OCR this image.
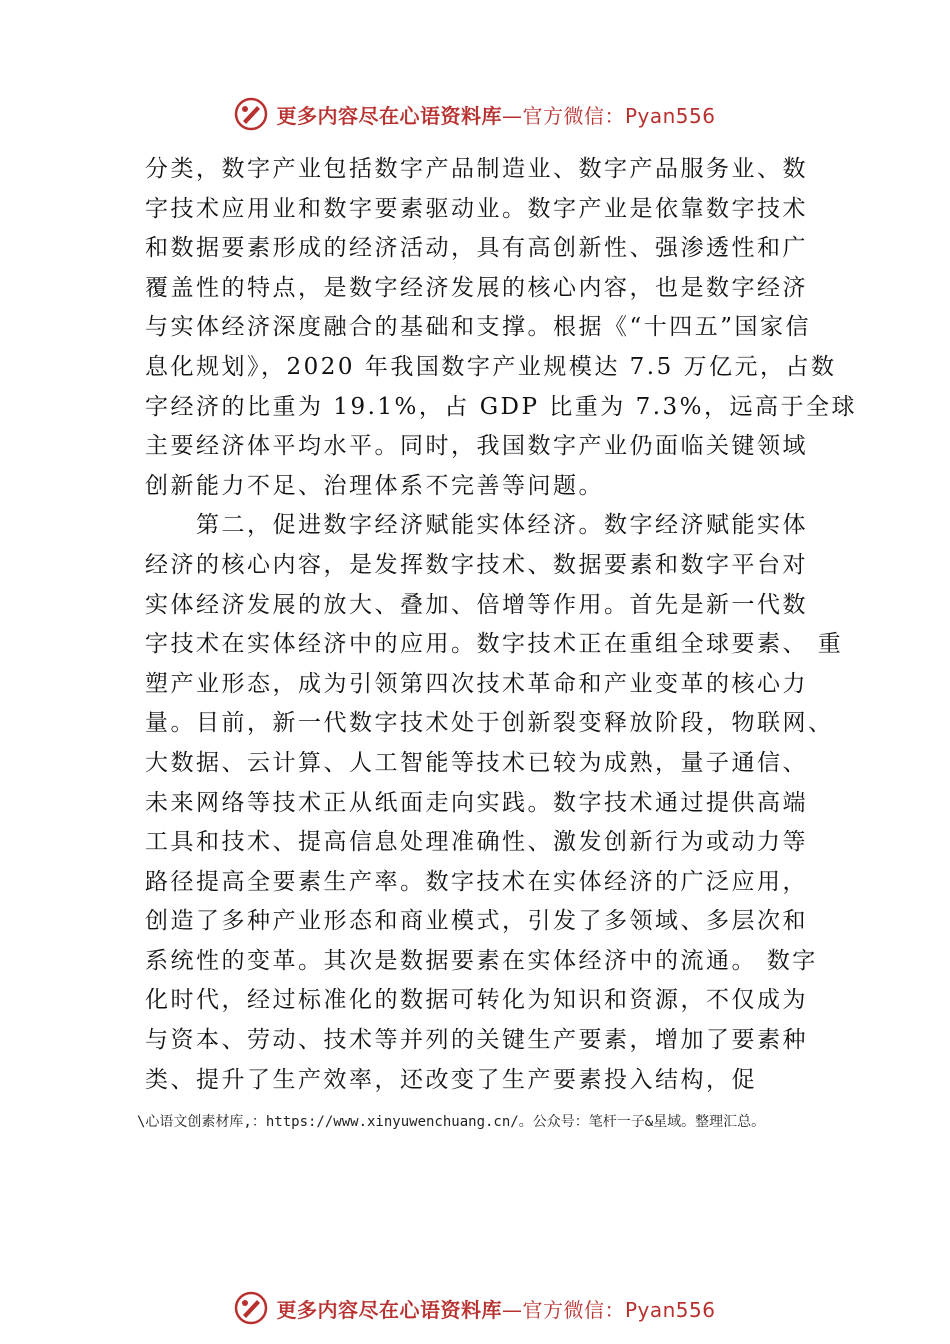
更多内容尽在心语资料库—官方微信：Pyan556
分类，数字产业包括数字产品制造业、数字产品服务业、数
字技术应用业和数字要素驱动业。数字产业是依靠数字技术
和数据要素形成的经济活动，具有高创新性、强渗透性和广
覆盖性的特点，是数字经济发展的核心内容，也是数字经济
与实体经济深度融合的基础和支撑。根据《“十四五”国家信
息化规划》，2020 年我国数字产业规模达 7.5 万亿元，占数
字经济的比重为 19.1%，占 GDP 比重为 7.3%，远高于全球
主要经济体平均水平。同时，我国数字产业仍面临关键领域
创新能力不足、治理体系不完善等问题。
　　第二，促进数字经济赋能实体经济。数字经济赋能实体
经济的核心内容，是发挥数字技术、数据要素和数字平台对
实体经济发展的放大、叠加、倍增等作用。首先是新一代数
字技术在实体经济中的应用。数字技术正在重组全球要素、 重
塑产业形态，成为引领第四次技术革命和产业变革的核心力
量。目前，新一代数字技术处于创新裂变释放阶段，物联网、
大数据、云计算、人工智能等技术已较为成熟，量子通信、
未来网络等技术正从纸面走向实践。数字技术通过提供高端
工具和技术、提高信息处理准确性、激发创新行为或动力等
路径提高全要素生产率。数字技术在实体经济的广泛应用，
创造了多种产业形态和商业模式，引发了多领域、多层次和
系统性的变革。其次是数据要素在实体经济中的流通。 数字
化时代，经过标准化的数据可转化为知识和资源，不仅成为
与资本、劳动、技术等并列的关键生产要素，增加了要素种
类、提升了生产效率，还改变了生产要素投入结构，促
\心语文创素材库,：https://www.xinyuwenchuang.cn/。公众号：笔杆一子&星域。整理汇总。
更多内容尽在心语资料库—官方微信：Pyan556
